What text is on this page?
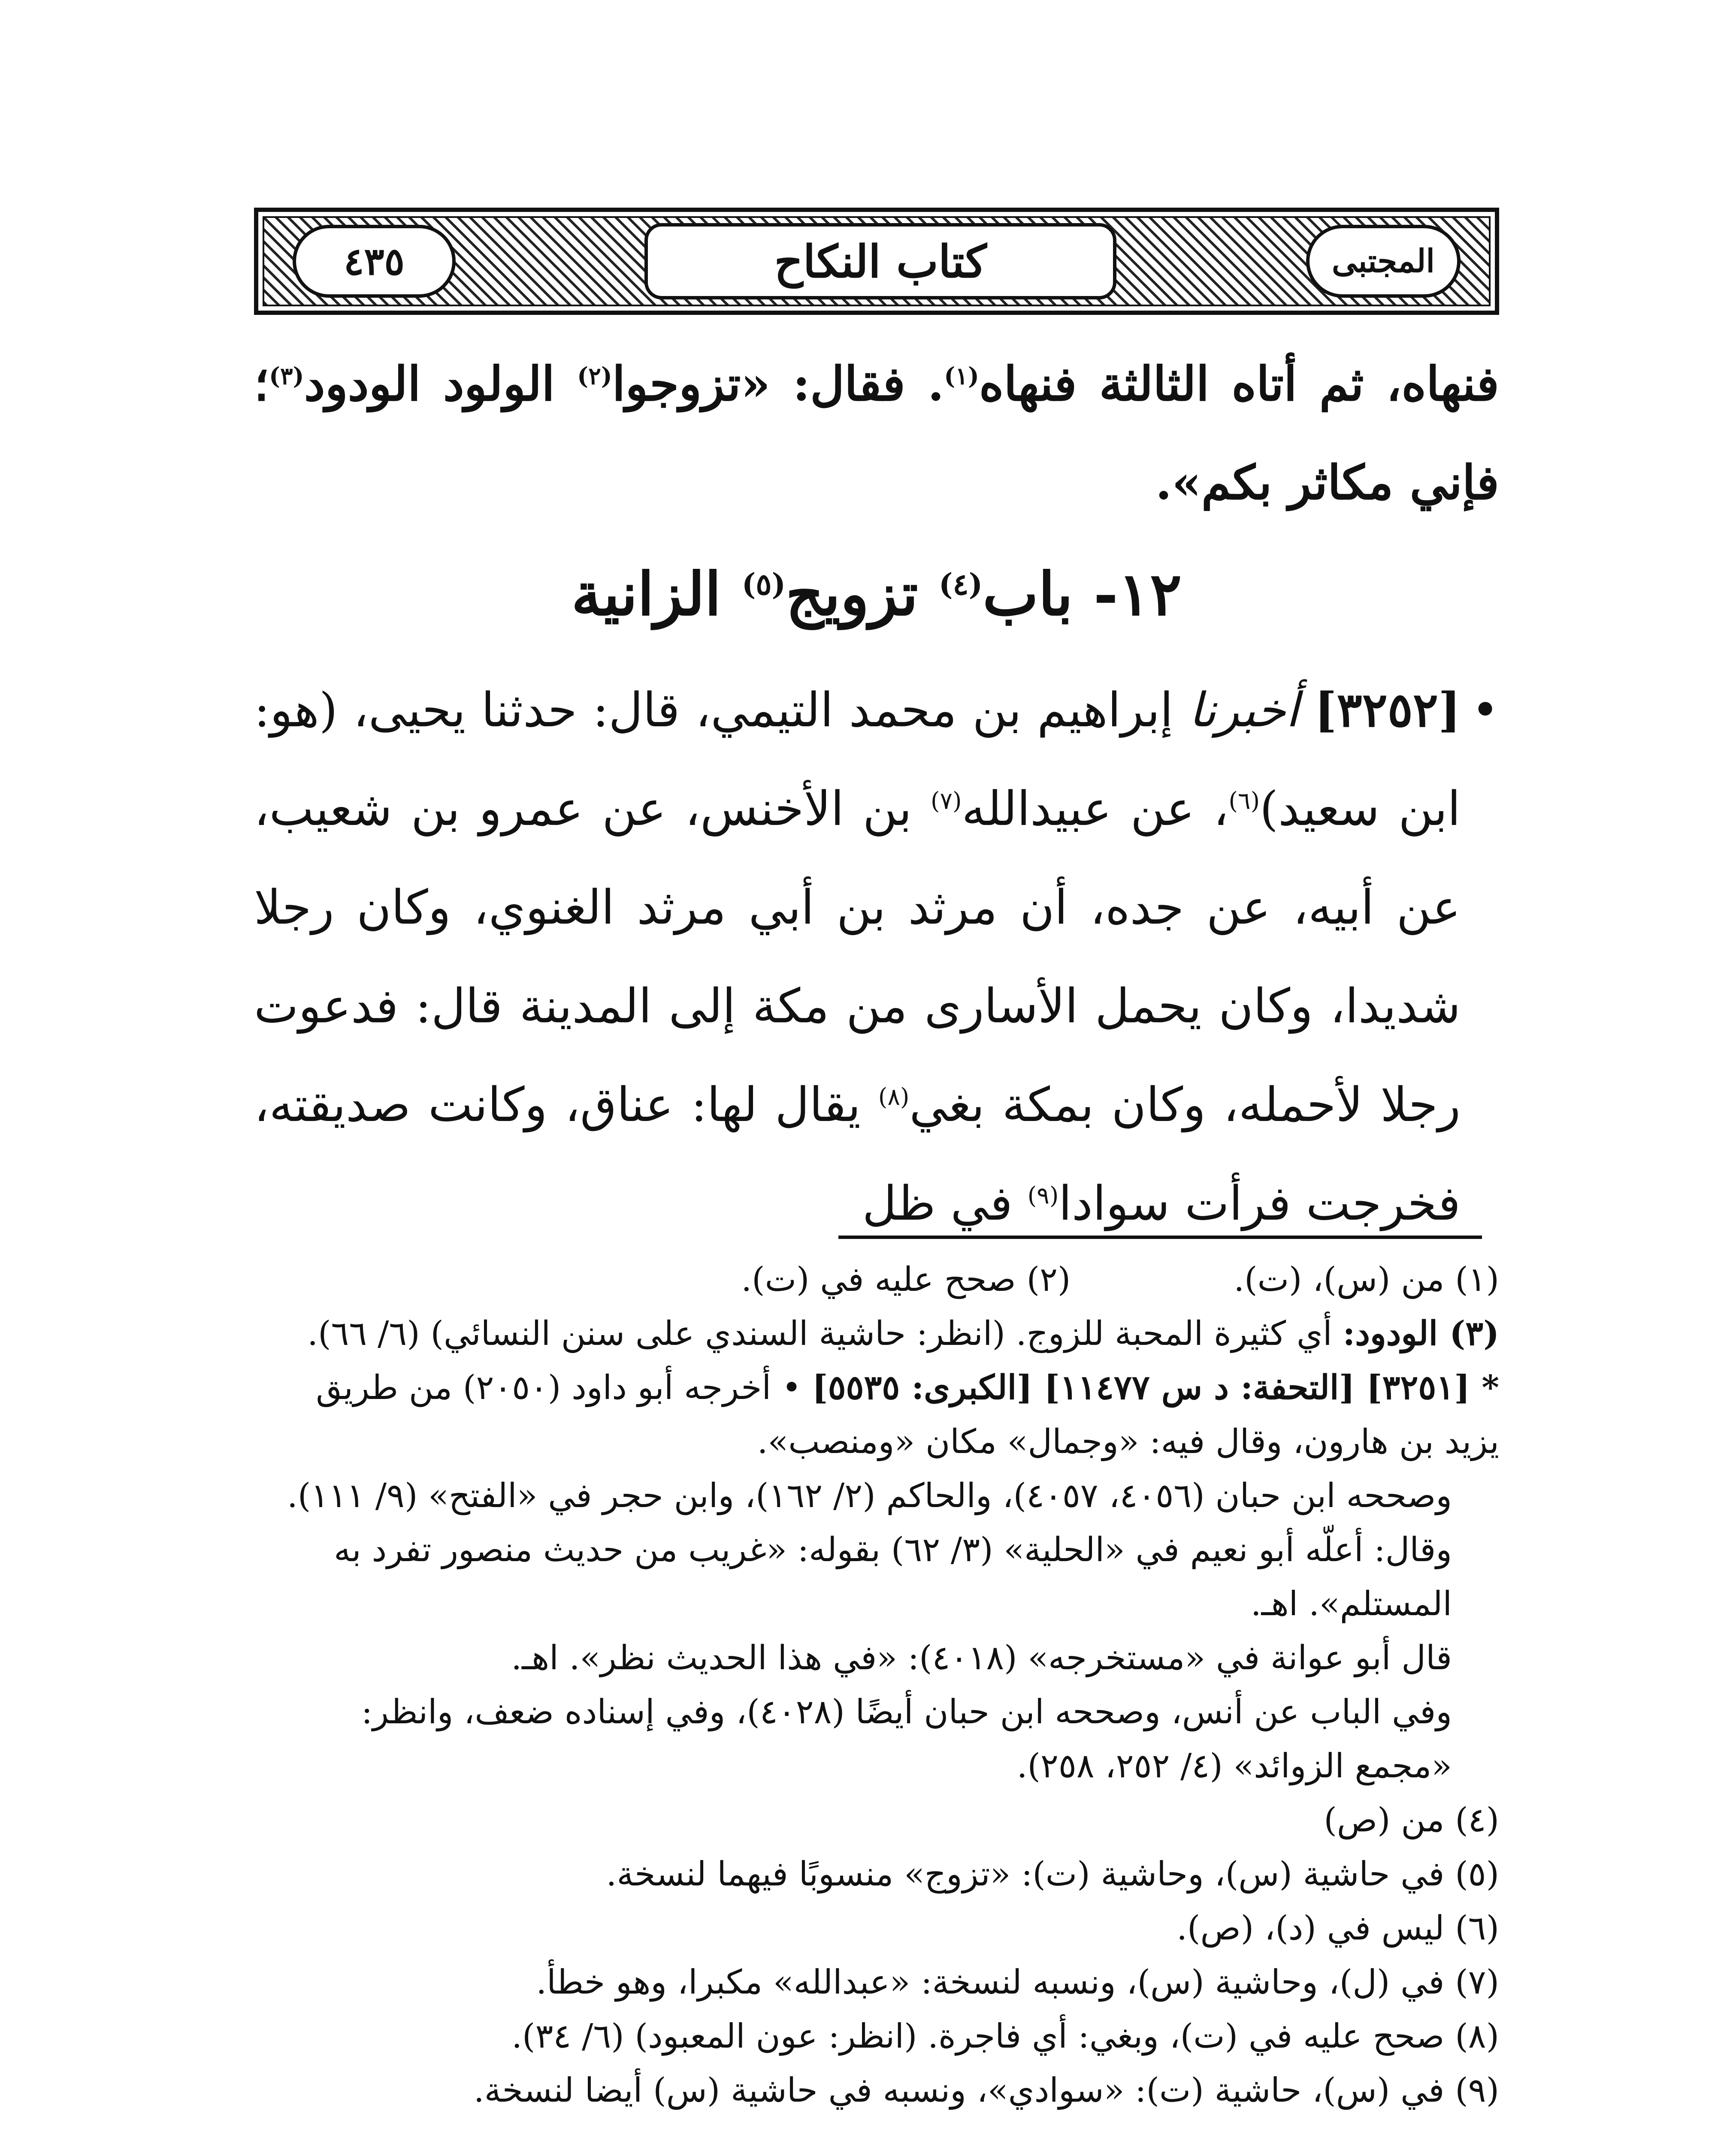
٤٣٥	كتاب النكاح	المجتبى

فنهاه، ثم أتاه الثالثة فنهاه$^{(١)}$. فقال: «تزوجوا$^{(٢)}$ الولود الودود$^{(٣)}$؛ فإني مكاثر بكم».

١٢- باب$^{(٤)}$ تزويج$^{(٥)}$ الزانية

•
[٣٢٥٢] أخبرنا إبراهيم بن محمد التيمي، قال: حدثنا يحيى، (هو: ابن سعيد)$^{(٦)}$، عن عبيدالله$^{(٧)}$ بن الأخنس، عن عمرو بن شعيب، عن أبيه، عن جده، أن مرثد بن أبي مرثد الغنوي، وكان رجلا شديدا، وكان يحمل الأسارى من مكة إلى المدينة قال: فدعوت رجلا لأحمله، وكان بمكة بغي$^{(٨)}$ يقال لها: عناق، وكانت صديقته، فخرجت فرأت سوادا$^{(٩)}$ في ظل

(١) من (س)، (ت).
(٢) صحح عليه في (ت).
(٣) الودود: أي كثيرة المحبة للزوج. (انظر: حاشية السندي على سنن النسائي) (٦/ ٦٦).
* [٣٢٥١] [التحفة: د س ١١٤٧٧] [الكبرى: ٥٥٣٥] • أخرجه أبو داود (٢٠٥٠) من طريق يزيد بن هارون، وقال فيه: «وجمال» مكان «ومنصب».
وصححه ابن حبان (٤٠٥٦، ٤٠٥٧)، والحاكم (٢/ ١٦٢)، وابن حجر في «الفتح» (٩/ ١١١). وقال: أعلّه أبو نعيم في «الحلية» (٣/ ٦٢) بقوله: «غريب من حديث منصور تفرد به المستلم». اهـ.
قال أبو عوانة في «مستخرجه» (٤٠١٨): «في هذا الحديث نظر». اهـ.
وفي الباب عن أنس، وصححه ابن حبان أيضًا (٤٠٢٨)، وفي إسناده ضعف، وانظر: «مجمع الزوائد» (٤/ ٢٥٢، ٢٥٨).
(٤) من (ص)
(٥) في حاشية (س)، وحاشية (ت): «تزوج» منسوبًا فيهما لنسخة.
(٦) ليس في (د)، (ص).
(٧) في (ل)، وحاشية (س)، ونسبه لنسخة: «عبدالله» مكبرا، وهو خطأ.
(٨) صحح عليه في (ت)، وبغي: أي فاجرة. (انظر: عون المعبود) (٦/ ٣٤).
(٩) في (س)، حاشية (ت): «سوادي»، ونسبه في حاشية (س) أيضا لنسخة.
